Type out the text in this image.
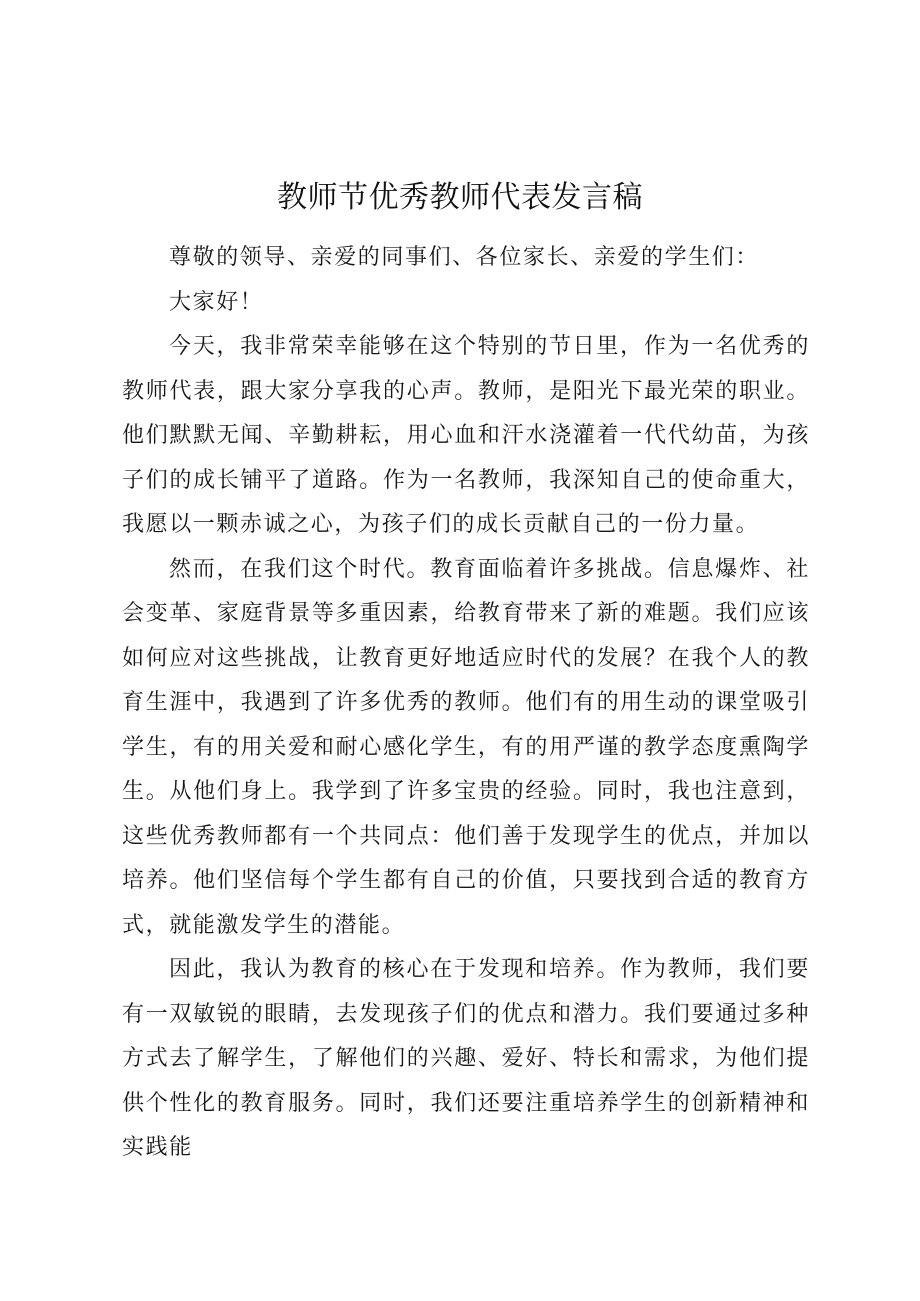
教师节优秀教师代表发言稿

尊敬的领导、亲爱的同事们、各位家长、亲爱的学生们：

大家好！

今天，我非常荣幸能够在这个特别的节日里，作为一名优秀的教师代表，跟大家分享我的心声。教师，是阳光下最光荣的职业。他们默默无闻、辛勤耕耘，用心血和汗水浇灌着一代代幼苗，为孩子们的成长铺平了道路。作为一名教师，我深知自己的使命重大，我愿以一颗赤诚之心，为孩子们的成长贡献自己的一份力量。

然而，在我们这个时代。教育面临着许多挑战。信息爆炸、社会变革、家庭背景等多重因素，给教育带来了新的难题。我们应该如何应对这些挑战，让教育更好地适应时代的发展？在我个人的教育生涯中，我遇到了许多优秀的教师。他们有的用生动的课堂吸引学生，有的用关爱和耐心感化学生，有的用严谨的教学态度熏陶学生。从他们身上。我学到了许多宝贵的经验。同时，我也注意到，这些优秀教师都有一个共同点：他们善于发现学生的优点，并加以培养。他们坚信每个学生都有自己的价值，只要找到合适的教育方式，就能激发学生的潜能。

因此，我认为教育的核心在于发现和培养。作为教师，我们要有一双敏锐的眼睛，去发现孩子们的优点和潜力。我们要通过多种方式去了解学生，了解他们的兴趣、爱好、特长和需求，为他们提供个性化的教育服务。同时，我们还要注重培养学生的创新精神和实践能
